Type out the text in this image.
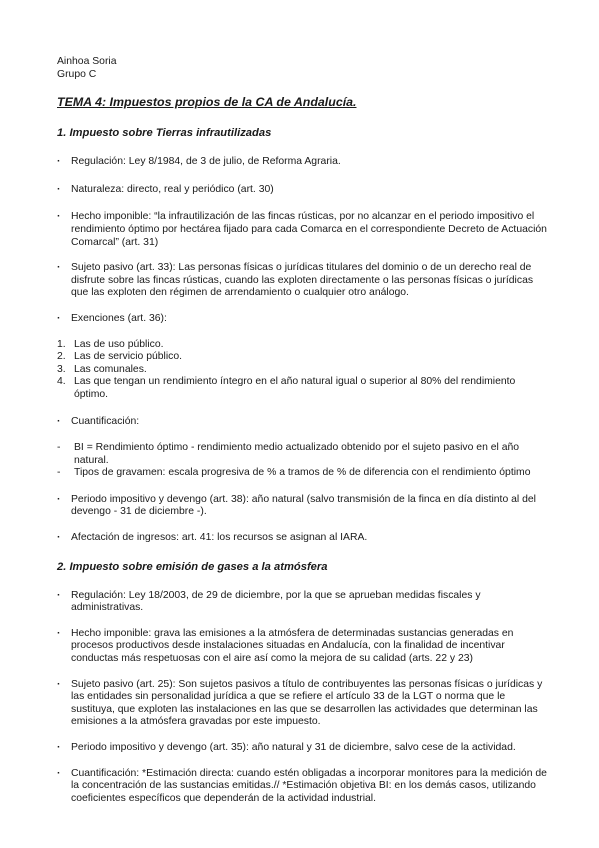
Ainhoa Soria
Grupo C
TEMA 4: Impuestos propios de la CA de Andalucía.
1. Impuesto sobre Tierras infrautilizadas
· Regulación: Ley 8/1984, de 3 de julio, de Reforma Agraria.
· Naturaleza: directo, real y periódico (art. 30)
· Hecho imponible: “la infrautilización de las fincas rústicas, por no alcanzar en el periodo impositivo el rendimiento óptimo por hectárea fijado para cada Comarca en el correspondiente Decreto de Actuación Comarcal” (art. 31)
· Sujeto pasivo (art. 33): Las personas físicas o jurídicas titulares del dominio o de un derecho real de disfrute sobre las fincas rústicas, cuando las exploten directamente o las personas físicas o jurídicas que las exploten den régimen de arrendamiento o cualquier otro análogo.
· Exenciones (art. 36):
1. Las de uso público.
2. Las de servicio público.
3. Las comunales.
4. Las que tengan un rendimiento íntegro en el año natural igual o superior al 80% del rendimiento óptimo.
· Cuantificación:
- BI = Rendimiento óptimo - rendimiento medio actualizado obtenido por el sujeto pasivo en el año natural.
- Tipos de gravamen: escala progresiva de % a tramos de % de diferencia con el rendimiento óptimo
· Periodo impositivo y devengo (art. 38): año natural (salvo transmisión de la finca en día distinto al del devengo - 31 de diciembre -).
· Afectación de ingresos: art. 41: los recursos se asignan al IARA.
2. Impuesto sobre emisión de gases a la atmósfera
· Regulación: Ley 18/2003, de 29 de diciembre, por la que se aprueban medidas fiscales y administrativas.
· Hecho imponible: grava las emisiones a la atmósfera de determinadas sustancias generadas en procesos productivos desde instalaciones situadas en Andalucía, con la finalidad de incentivar conductas más respetuosas con el aire así como la mejora de su calidad (arts. 22 y 23)
· Sujeto pasivo (art. 25): Son sujetos pasivos a título de contribuyentes las personas físicas o jurídicas y las entidades sin personalidad jurídica a que se refiere el artículo 33 de la LGT o norma que le sustituya, que exploten las instalaciones en las que se desarrollen las actividades que determinan las emisiones a la atmósfera gravadas por este impuesto.
· Periodo impositivo y devengo (art. 35): año natural y 31 de diciembre, salvo cese de la actividad.
· Cuantificación: *Estimación directa: cuando estén obligadas a incorporar monitores para la medición de la concentración de las sustancias emitidas.// *Estimación objetiva BI: en los demás casos, utilizando coeficientes específicos que dependerán de la actividad industrial.
